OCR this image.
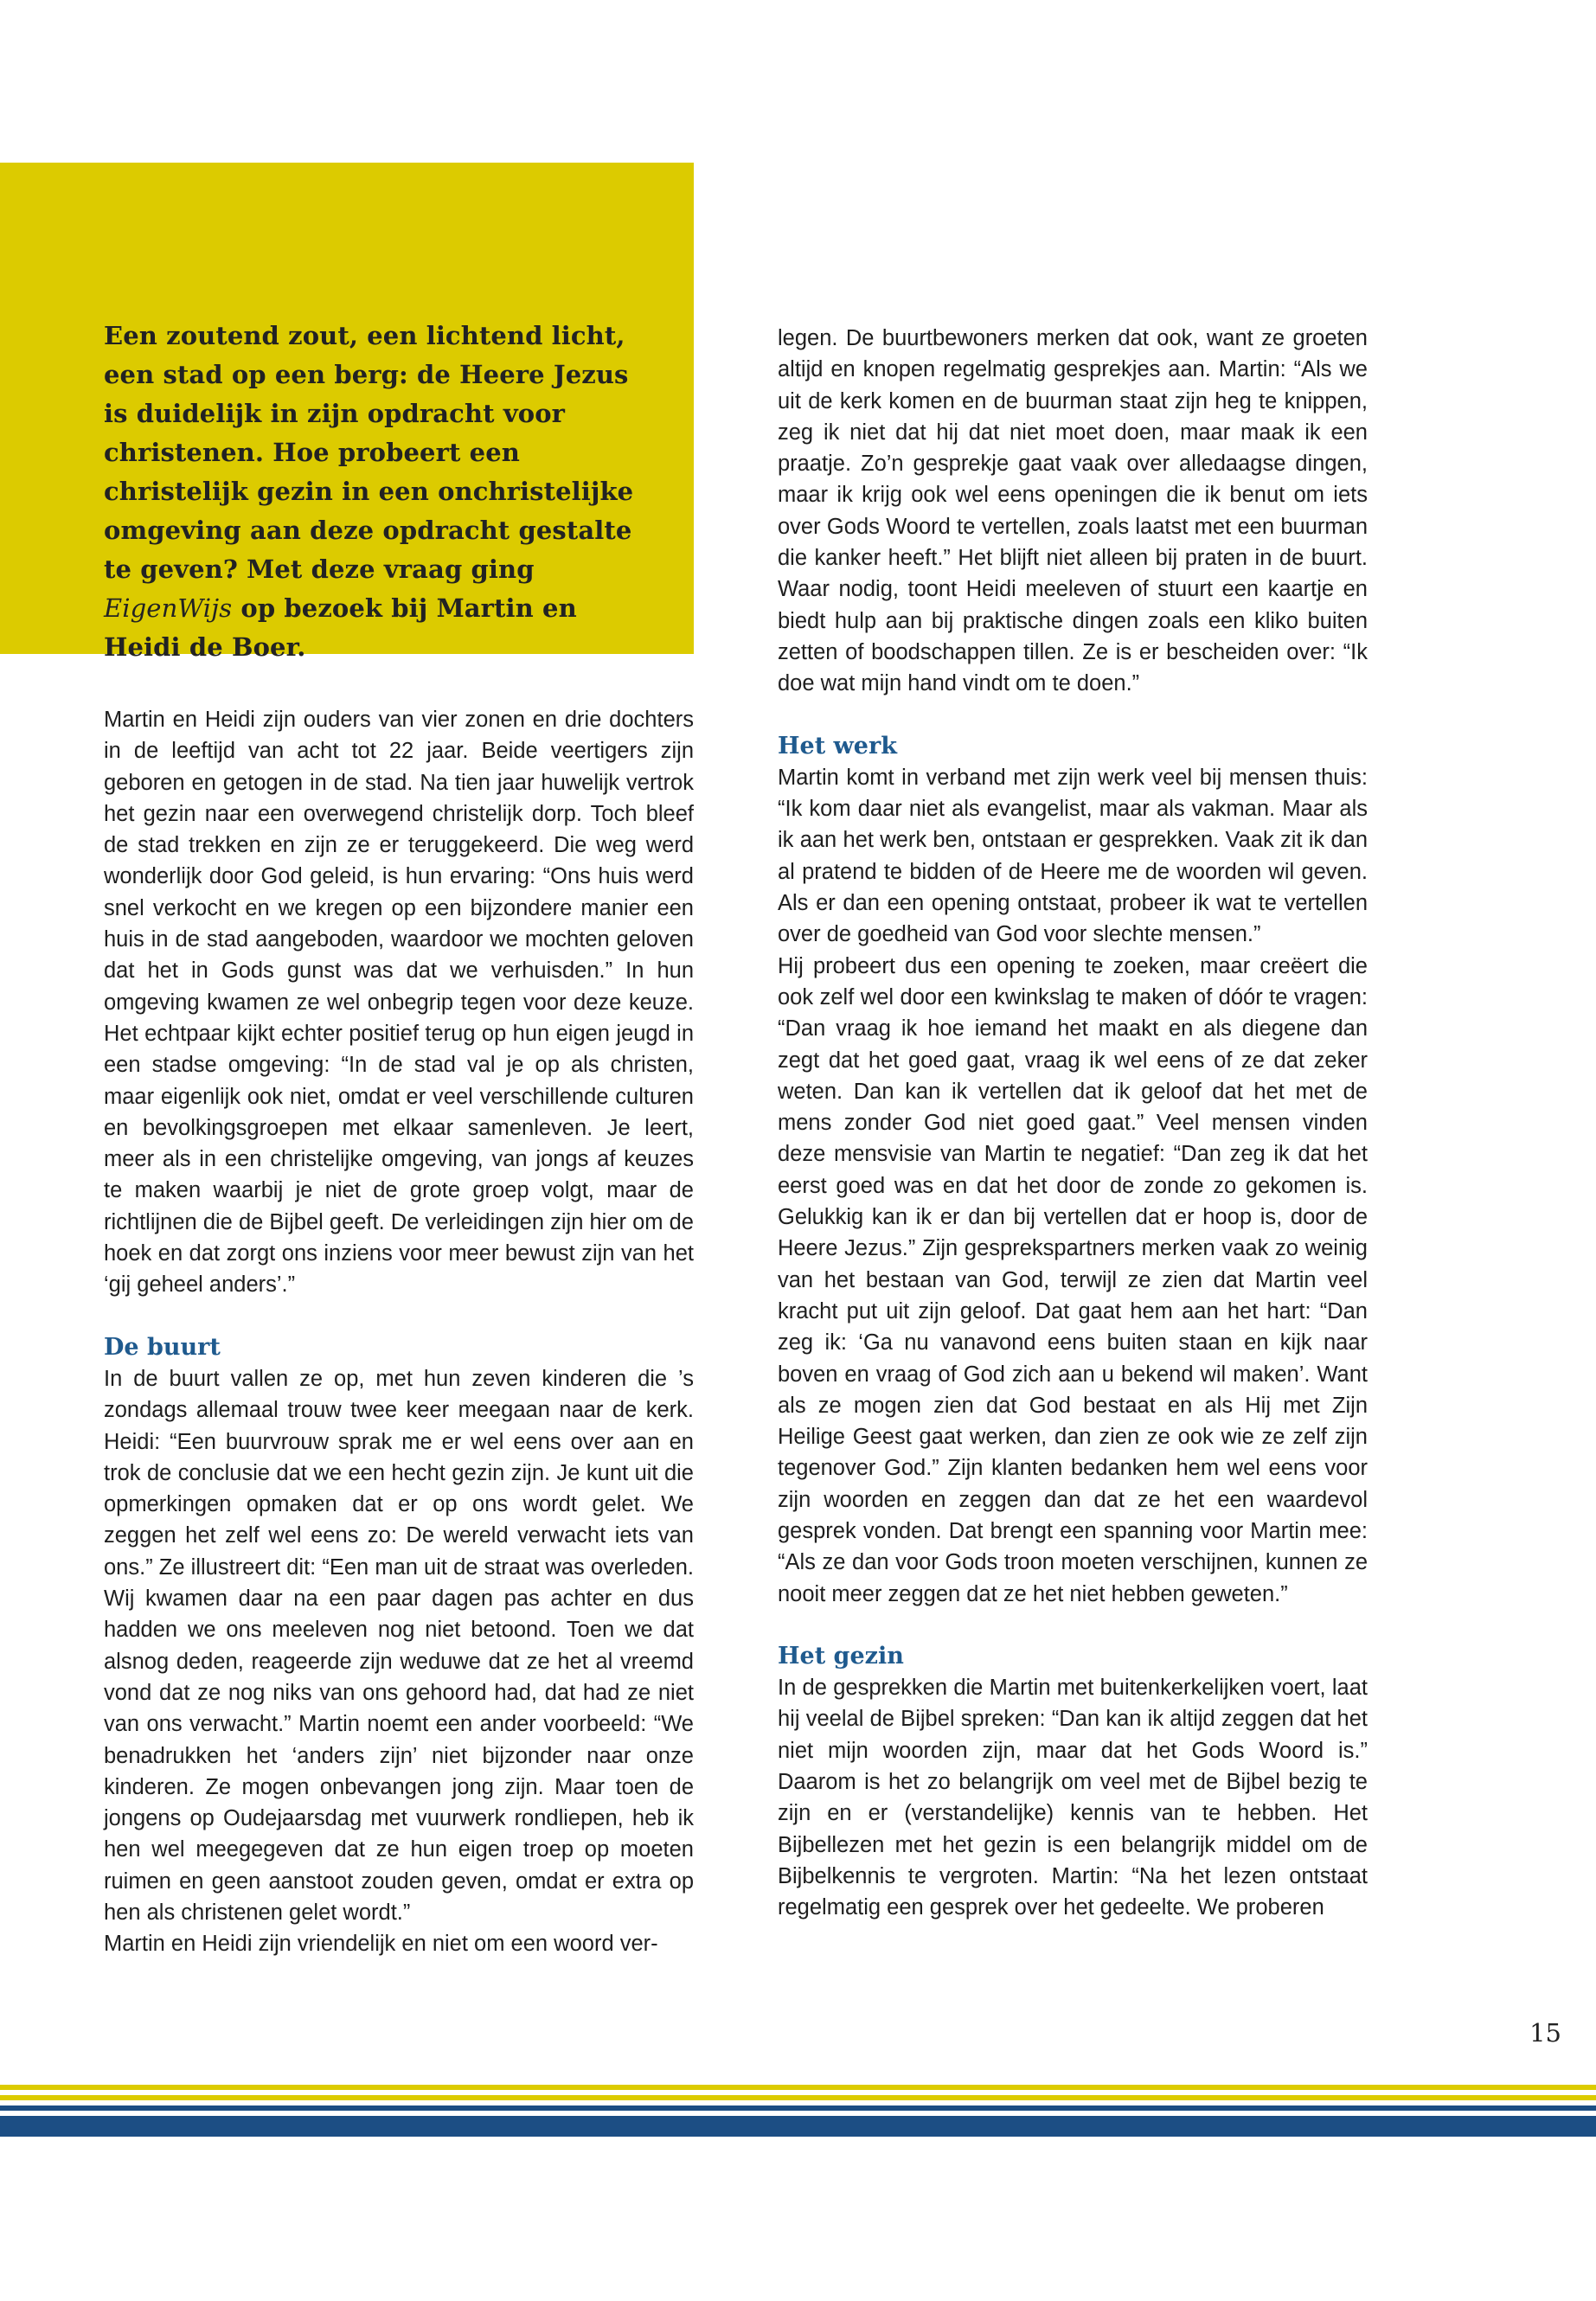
Een zoutend zout, een lichtend licht, een stad op een berg: de Heere Jezus is duidelijk in zijn opdracht voor christenen. Hoe probeert een christelijk gezin in een onchristelijke omgeving aan deze opdracht gestalte te geven? Met deze vraag ging EigenWijs op bezoek bij Martin en Heidi de Boer.

Martin en Heidi zijn ouders van vier zonen en drie dochters in de leeftijd van acht tot 22 jaar. Beide veertigers zijn geboren en getogen in de stad. Na tien jaar huwelijk vertrok het gezin naar een overwegend christelijk dorp. Toch bleef de stad trekken en zijn ze er teruggekeerd. Die weg werd wonderlijk door God geleid, is hun ervaring: “Ons huis werd snel verkocht en we kregen op een bijzondere manier een huis in de stad aangeboden, waardoor we mochten geloven dat het in Gods gunst was dat we verhuisden.” In hun omgeving kwamen ze wel onbegrip tegen voor deze keuze. Het echtpaar kijkt echter positief terug op hun eigen jeugd in een stadse omgeving: “In de stad val je op als christen, maar eigenlijk ook niet, omdat er veel verschillende culturen en bevolkingsgroepen met elkaar samenleven. Je leert, meer als in een christelijke omgeving, van jongs af keuzes te maken waarbij je niet de grote groep volgt, maar de richtlijnen die de Bijbel geeft. De verleidingen zijn hier om de hoek en dat zorgt ons inziens voor meer bewust zijn van het ‘gij geheel anders’.”

De buurt

In de buurt vallen ze op, met hun zeven kinderen die ’s zondags allemaal trouw twee keer meegaan naar de kerk. Heidi: “Een buurvrouw sprak me er wel eens over aan en trok de conclusie dat we een hecht gezin zijn. Je kunt uit die opmerkingen opmaken dat er op ons wordt gelet. We zeggen het zelf wel eens zo: De wereld verwacht iets van ons.” Ze illustreert dit: “Een man uit de straat was overleden. Wij kwamen daar na een paar dagen pas achter en dus hadden we ons meeleven nog niet betoond. Toen we dat alsnog deden, reageerde zijn weduwe dat ze het al vreemd vond dat ze nog niks van ons gehoord had, dat had ze niet van ons verwacht.” Martin noemt een ander voorbeeld: “We benadrukken het ‘anders zijn’ niet bijzonder naar onze kinderen. Ze mogen onbevangen jong zijn. Maar toen de jongens op Oudejaarsdag met vuurwerk rondliepen, heb ik hen wel meegegeven dat ze hun eigen troep op moeten ruimen en geen aanstoot zouden geven, omdat er extra op hen als christenen gelet wordt.”

Martin en Heidi zijn vriendelijk en niet om een woord ver-

legen. De buurtbewoners merken dat ook, want ze groeten altijd en knopen regelmatig gesprekjes aan. Martin: “Als we uit de kerk komen en de buurman staat zijn heg te knippen, zeg ik niet dat hij dat niet moet doen, maar maak ik een praatje. Zo’n gesprekje gaat vaak over alledaagse dingen, maar ik krijg ook wel eens openingen die ik benut om iets over Gods Woord te vertellen, zoals laatst met een buurman die kanker heeft.” Het blijft niet alleen bij praten in de buurt. Waar nodig, toont Heidi meeleven of stuurt een kaartje en biedt hulp aan bij praktische dingen zoals een kliko buiten zetten of boodschappen tillen. Ze is er bescheiden over: “Ik doe wat mijn hand vindt om te doen.”

Het werk

Martin komt in verband met zijn werk veel bij mensen thuis: “Ik kom daar niet als evangelist, maar als vakman. Maar als ik aan het werk ben, ontstaan er gesprekken. Vaak zit ik dan al pratend te bidden of de Heere me de woorden wil geven. Als er dan een opening ontstaat, probeer ik wat te vertellen over de goedheid van God voor slechte mensen.”

Hij probeert dus een opening te zoeken, maar creëert die ook zelf wel door een kwinkslag te maken of dóór te vragen: “Dan vraag ik hoe iemand het maakt en als diegene dan zegt dat het goed gaat, vraag ik wel eens of ze dat zeker weten. Dan kan ik vertellen dat ik geloof dat het met de mens zonder God niet goed gaat.” Veel mensen vinden deze mensvisie van Martin te negatief: “Dan zeg ik dat het eerst goed was en dat het door de zonde zo gekomen is. Gelukkig kan ik er dan bij vertellen dat er hoop is, door de Heere Jezus.” Zijn gesprekspartners merken vaak zo weinig van het bestaan van God, terwijl ze zien dat Martin veel kracht put uit zijn geloof. Dat gaat hem aan het hart: “Dan zeg ik: ‘Ga nu vanavond eens buiten staan en kijk naar boven en vraag of God zich aan u bekend wil maken’. Want als ze mogen zien dat God bestaat en als Hij met Zijn Heilige Geest gaat werken, dan zien ze ook wie ze zelf zijn tegenover God.” Zijn klanten bedanken hem wel eens voor zijn woorden en zeggen dan dat ze het een waardevol gesprek vonden. Dat brengt een spanning voor Martin mee: “Als ze dan voor Gods troon moeten verschijnen, kunnen ze nooit meer zeggen dat ze het niet hebben geweten.”

Het gezin

In de gesprekken die Martin met buitenkerkelijken voert, laat hij veelal de Bijbel spreken: “Dan kan ik altijd zeggen dat het niet mijn woorden zijn, maar dat het Gods Woord is.” Daarom is het zo belangrijk om veel met de Bijbel bezig te zijn en er (verstandelijke) kennis van te hebben. Het Bijbellezen met het gezin is een belangrijk middel om de Bijbelkennis te vergroten. Martin: “Na het lezen ontstaat regelmatig een gesprek over het gedeelte. We proberen

15
